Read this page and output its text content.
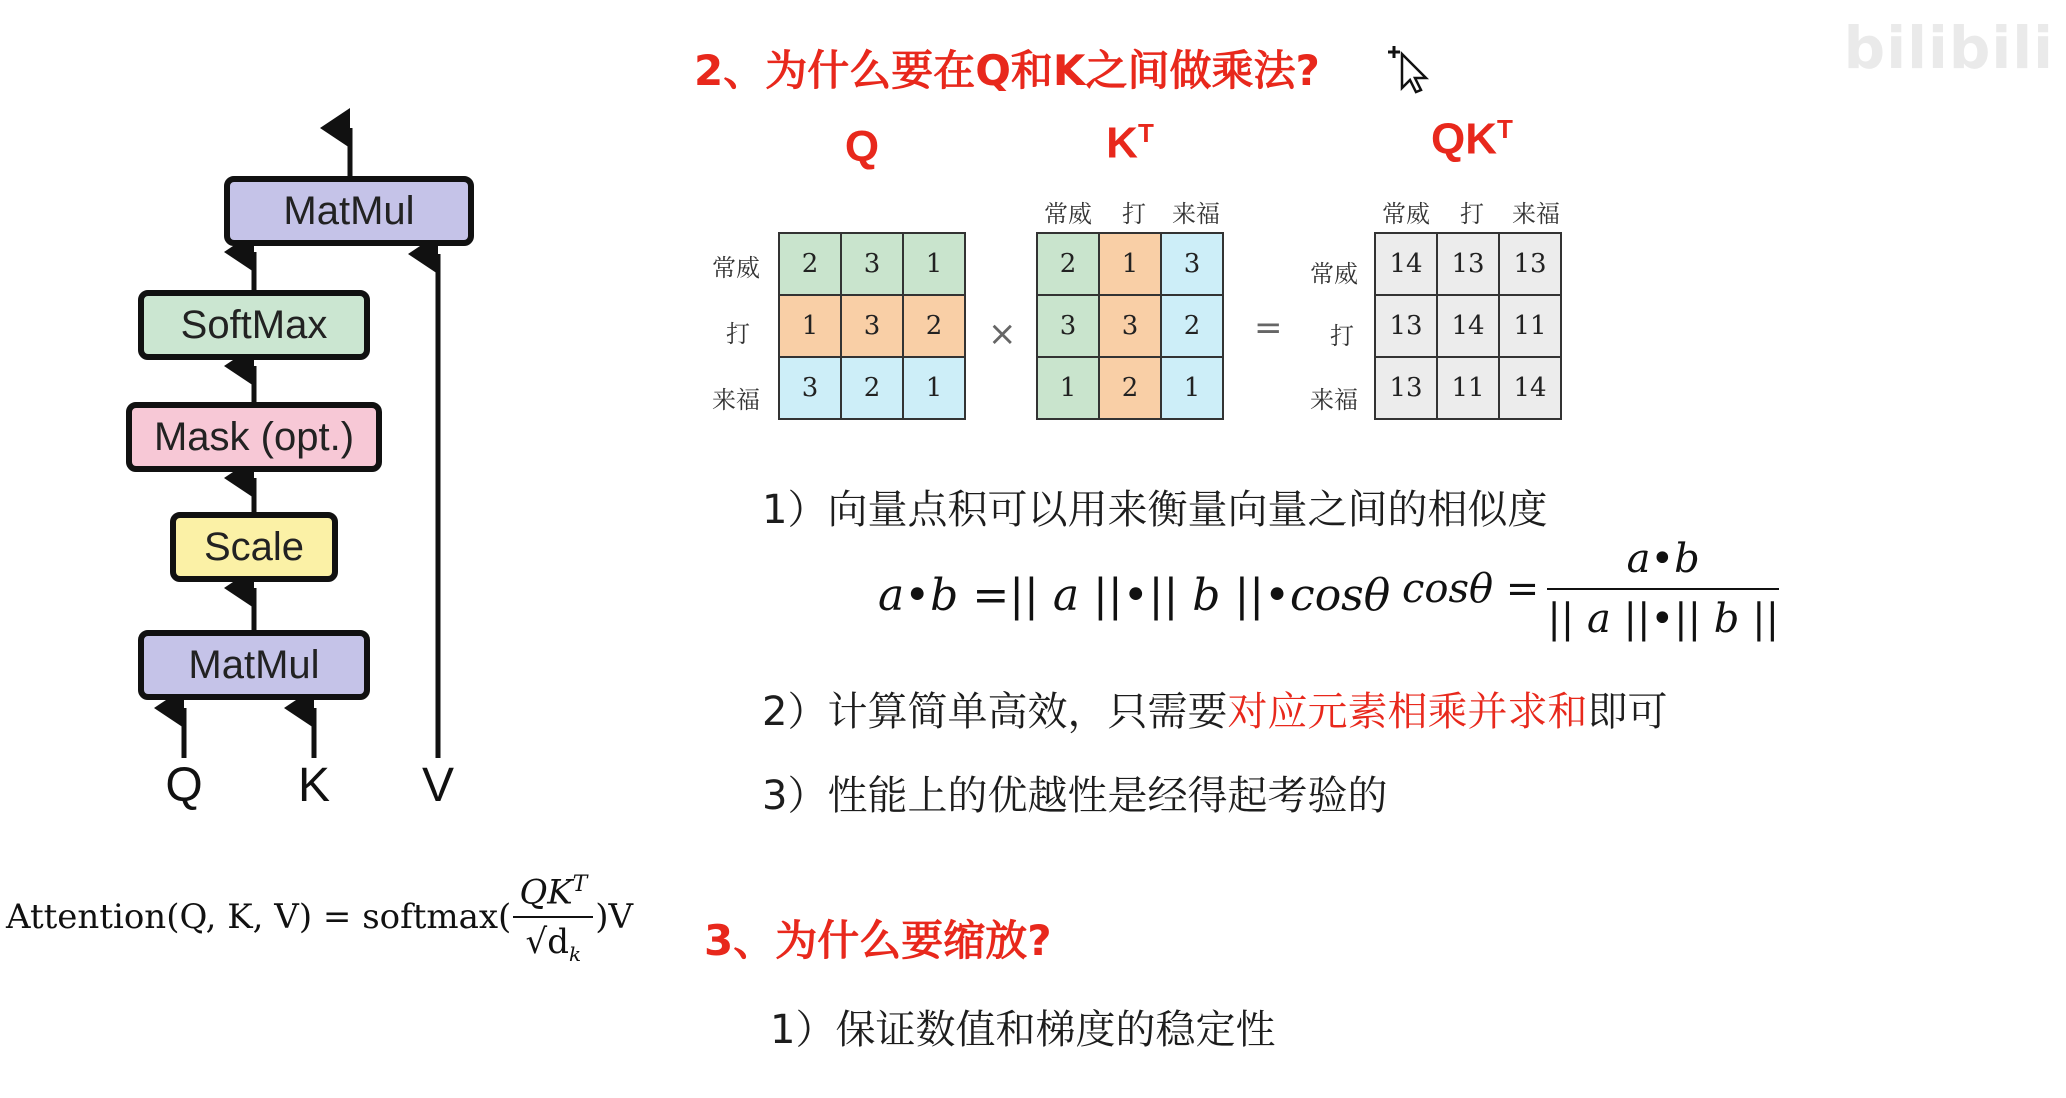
MatMul
SoftMax
Mask (opt.)
Scale
MatMul
Q K V
Attention(Q, K, V) = softmax( $\frac{QK^T}{√d_k} )V$
2、为什么要在Q和K之间做乘法?	bilibili
Q	$K^T$	$QK^T$
常威
打
来福
2	3	1
1	3	2
3	2	1
×
常威 打 来福
2	1	3
3	3	2
1	2	1
=
常威 打 来福
常威
打
来福
14	13	13
13	14	11
13	11	14
1）向量点积可以用来衡量向量之间的相似度
a•b =|| a ||•|| b ||•cosθ $\cos\theta = \frac{a•b}{|| a ||•|| b ||}$
2）计算简单高效，只需要对应元素相乘并求和即可
3）性能上的优越性是经得起考验的
3、为什么要缩放?
1）保证数值和梯度的稳定性
